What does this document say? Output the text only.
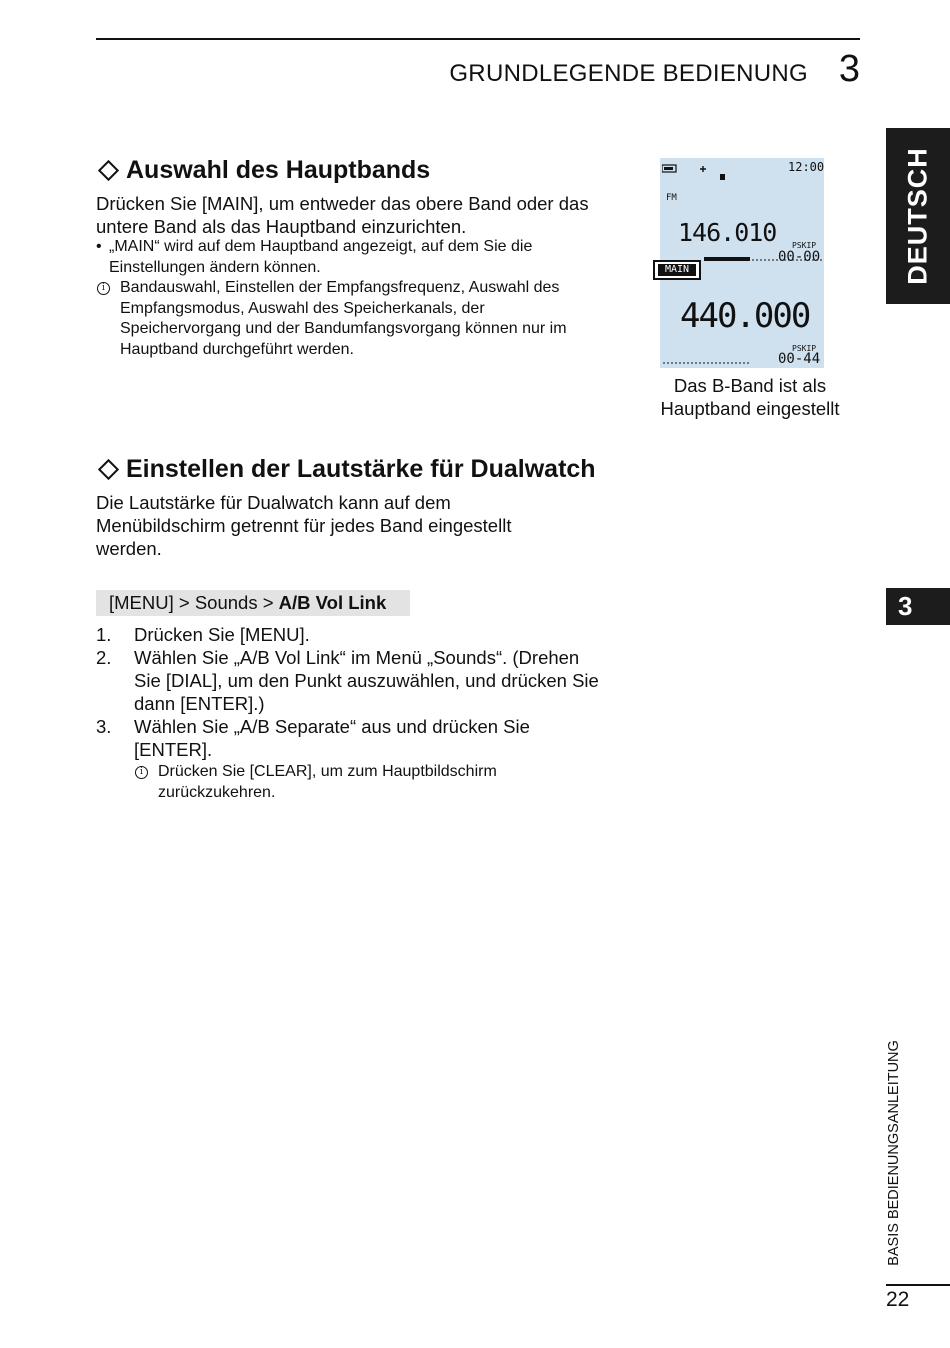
GRUNDLEGENDE BEDIENUNG 3
DEUTSCH
3
BASIS BEDIENUNGSANLEITUNG
22
Auswahl des Hauptbands
Drücken Sie [MAIN], um entweder das obere Band oder das untere Band als das Hauptband einzurichten.
• „MAIN“ wird auf dem Hauptband angezeigt, auf dem Sie die Einstellungen ändern können.
i Bandauswahl, Einstellen der Empfangsfrequenz, Auswahl des Empfangsmodus, Auswahl des Speicherkanals, der Speichervorgang und der Bandumfangsvorgang können nur im Hauptband durchgeführt werden.
12:00
FM
146.010 PSKIP
00-00
440.000
PSKIP
00-44
MAIN
Das B-Band ist als
Hauptband eingestellt
Einstellen der Lautstärke für Dualwatch
Die Lautstärke für Dualwatch kann auf dem Menübildschirm getrennt für jedes Band eingestellt werden.
[MENU] > Sounds > A/B Vol Link
1.	Drücken Sie [MENU].
2.	Wählen Sie „A/B Vol Link“ im Menü „Sounds“. (Drehen Sie [DIAL], um den Punkt auszuwählen, und drücken Sie dann [ENTER].)
3.	Wählen Sie „A/B Separate“ aus und drücken Sie [ENTER].
i Drücken Sie [CLEAR], um zum Hauptbildschirm zurückzukehren.
